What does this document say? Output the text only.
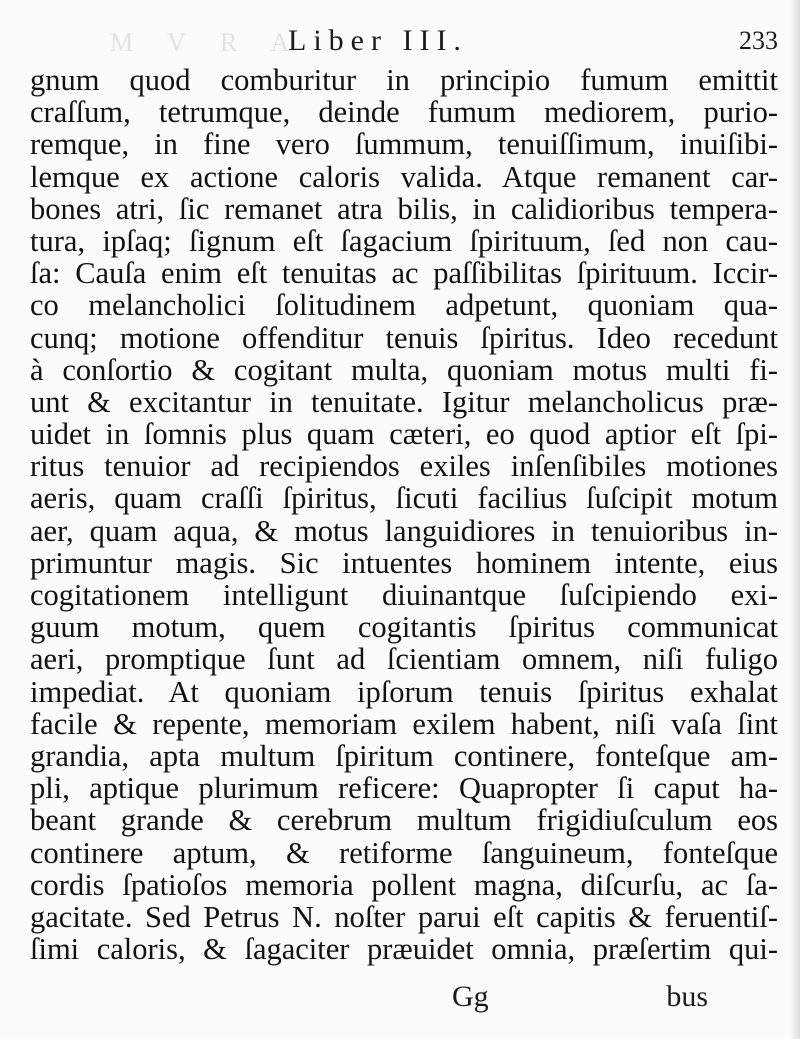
M V R A
Liber III.	233
gnum quod comburitur in principio fumum emittit
craſſum, tetrumque, deinde fumum mediorem, purio-
remque, in fine vero ſummum, tenuiſſimum, inuiſibi-
lemque ex actione caloris valida. Atque remanent car-
bones atri, ſic remanet atra bilis, in calidioribus tempera-
tura, ipſaq; ſignum eſt ſagacium ſpirituum, ſed non cau-
ſa: Cauſa enim eſt tenuitas ac paſſibilitas ſpirituum. Iccir-
co melancholici ſolitudinem adpetunt, quoniam qua-
cunq; motione offenditur tenuis ſpiritus. Ideo recedunt
à conſortio & cogitant multa, quoniam motus multi fi-
unt & excitantur in tenuitate. Igitur melancholicus præ-
uidet in ſomnis plus quam cæteri, eo quod aptior eſt ſpi-
ritus tenuior ad recipiendos exiles inſenſibiles motiones
aeris, quam craſſi ſpiritus, ſicuti facilius ſuſcipit motum
aer, quam aqua, & motus languidiores in tenuioribus in-
primuntur magis. Sic intuentes hominem intente, eius
cogitationem intelligunt diuinantque ſuſcipiendo exi-
guum motum, quem cogitantis ſpiritus communicat
aeri, promptique ſunt ad ſcientiam omnem, niſi fuligo
impediat. At quoniam ipſorum tenuis ſpiritus exhalat
facile & repente, memoriam exilem habent, niſi vaſa ſint
grandia, apta multum ſpiritum continere, fonteſque am-
pli, aptique plurimum reficere: Quapropter ſi caput ha-
beant grande & cerebrum multum frigidiuſculum eos
continere aptum, & retiforme ſanguineum, fonteſque
cordis ſpatioſos memoria pollent magna, diſcurſu, ac ſa-
gacitate. Sed Petrus N. noſter parui eſt capitis & feruentiſ-
ſimi caloris, & ſagaciter præuidet omnia, præſertim qui-
Gg	bus
